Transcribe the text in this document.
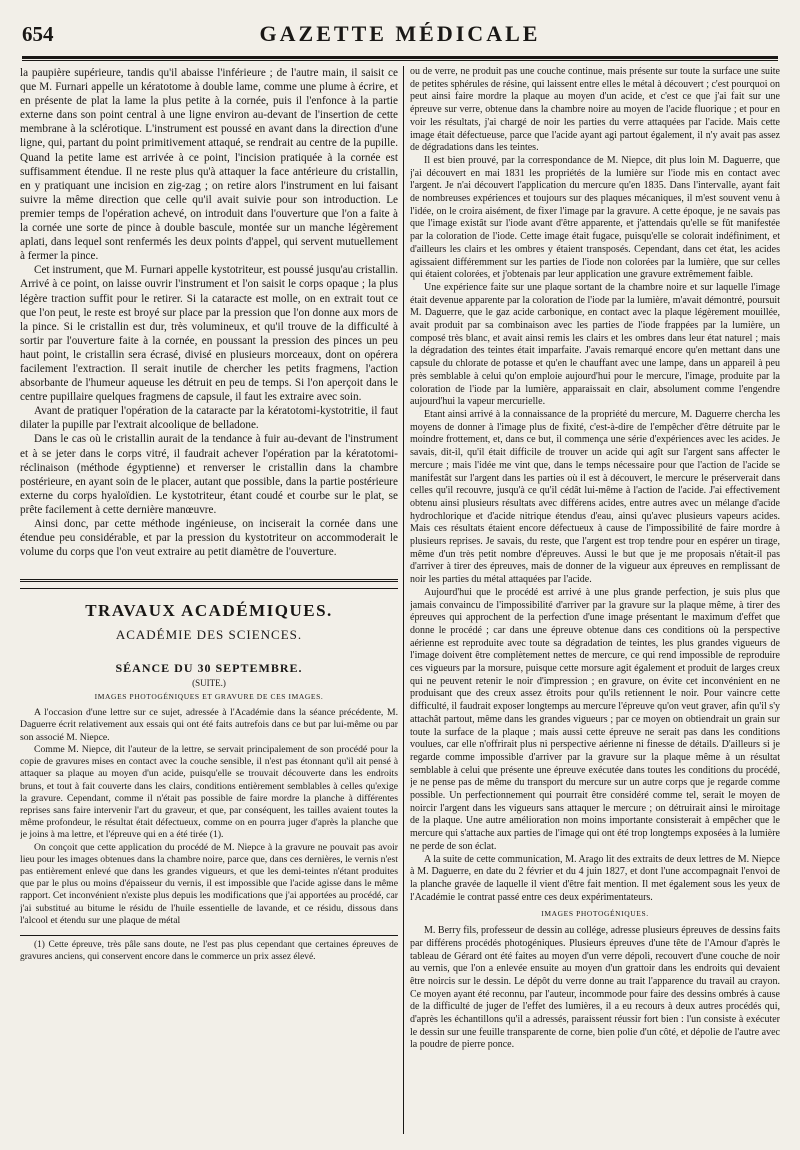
654	GAZETTE MÉDICALE

la paupière supérieure, tandis qu'il abaisse l'inférieure ; de l'autre main, il saisit ce que M. Furnari appelle un kératotome à double lame, comme une plume à écrire, et en présente de plat la lame la plus petite à la cornée, puis il l'enfonce à la partie externe dans son point central à une ligne environ au-devant de l'insertion de cette membrane à la sclérotique. L'instrument est poussé en avant dans la direction d'une ligne, qui, partant du point primitivement attaqué, se rendrait au centre de la pupille. Quand la petite lame est arrivée à ce point, l'incision pratiquée à la cornée est suffisamment étendue. Il ne reste plus qu'à attaquer la face antérieure du cristallin, en y pratiquant une incision en zig-zag ; on retire alors l'instrument en lui faisant suivre la même direction que celle qu'il avait suivie pour son introduction. Le premier temps de l'opération achevé, on introduit dans l'ouverture que l'on a faite à la cornée une sorte de pince à double bascule, montée sur un manche légèrement aplati, dans lequel sont renfermés les deux points d'appel, qui servent mutuellement à fermer la pince.

Cet instrument, que M. Furnari appelle kystotriteur, est poussé jusqu'au cristallin. Arrivé à ce point, on laisse ouvrir l'instrument et l'on saisit le corps opaque ; la plus légère traction suffit pour le retirer. Si la cataracte est molle, on en extrait tout ce que l'on peut, le reste est broyé sur place par la pression que l'on donne aux mors de la pince. Si le cristallin est dur, très volumineux, et qu'il trouve de la difficulté à sortir par l'ouverture faite à la cornée, en poussant la pression des pinces un peu haut point, le cristallin sera écrasé, divisé en plusieurs morceaux, dont on opérera facilement l'extraction. Il serait inutile de chercher les petits fragmens, l'action absorbante de l'humeur aqueuse les détruit en peu de temps. Si l'on aperçoit dans le centre pupillaire quelques fragmens de capsule, il faut les extraire avec soin.

Avant de pratiquer l'opération de la cataracte par la kératotomi-kystotritie, il faut dilater la pupille par l'extrait alcoolique de belladone.

Dans le cas où le cristallin aurait de la tendance à fuir au-devant de l'instrument et à se jeter dans le corps vitré, il faudrait achever l'opération par la kératotomi-réclinaison (méthode égyptienne) et renverser le cristallin dans la chambre postérieure, en ayant soin de le placer, autant que possible, dans la partie postérieure externe du corps hyaloïdien. Le kystotriteur, étant coudé et courbe sur le plat, se prête facilement à cette dernière manœuvre.

Ainsi donc, par cette méthode ingénieuse, on inciserait la cornée dans une étendue peu considérable, et par la pression du kystotriteur on accommoderait le volume du corps que l'on veut extraire au petit diamètre de l'ouverture.

TRAVAUX ACADÉMIQUES.
ACADÉMIE DES SCIENCES.
SÉANCE DU 30 SEPTEMBRE.
(SUITE.)
IMAGES PHOTOGÉNIQUES ET GRAVURE DE CES IMAGES.

A l'occasion d'une lettre sur ce sujet, adressée à l'Académie dans la séance précédente, M. Daguerre écrit relativement aux essais qui ont été faits autrefois dans ce but par lui-même ou par son associé M. Niepce.

Comme M. Niepce, dit l'auteur de la lettre, se servait principalement de son procédé pour la copie de gravures mises en contact avec la couche sensible, il n'est pas étonnant qu'il ait pensé à attaquer sa plaque au moyen d'un acide, puisqu'elle se trouvait découverte dans les endroits bruns, et tout à fait couverte dans les clairs, conditions entièrement semblables à celles qu'exige la gravure. Cependant, comme il n'était pas possible de faire mordre la planche à différentes reprises sans faire intervenir l'art du graveur, et que, par conséquent, les tailles avaient toutes la même profondeur, le résultat était défectueux, comme on en pourra juger d'après la planche que je joins à ma lettre, et l'épreuve qui en a été tirée (1).

On conçoit que cette application du procédé de M. Niepce à la gravure ne pouvait pas avoir lieu pour les images obtenues dans la chambre noire, parce que, dans ces dernières, le vernis n'est pas entièrement enlevé que dans les grandes vigueurs, et que les demi-teintes n'étant produites que par le plus ou moins d'épaisseur du vernis, il est impossible que l'acide agisse dans le même rapport. Cet inconvénient n'existe plus depuis les modifications que j'ai apportées au procédé, car j'ai substitué au bitume le résidu de l'huile essentielle de lavande, et ce résidu, dissous dans l'alcool et étendu sur une plaque de métal

(1) Cette épreuve, très pâle sans doute, ne l'est pas plus cependant que certaines épreuves de gravures anciens, qui conservent encore dans le commerce un prix assez élevé.

ou de verre, ne produit pas une couche continue, mais présente sur toute la surface une suite de petites sphérules de résine, qui laissent entre elles le métal à découvert ; c'est pourquoi on peut ainsi faire mordre la plaque au moyen d'un acide, et c'est ce que j'ai fait sur une épreuve sur verre, obtenue dans la chambre noire au moyen de l'acide fluorique ; et pour en voir les résultats, j'ai chargé de noir les parties du verre attaquées par l'acide. Mais cette image était défectueuse, parce que l'acide ayant agi partout également, il n'y avait pas assez de dégradations dans les teintes.

Il est bien prouvé, par la correspondance de M. Niepce, dit plus loin M. Daguerre, que j'ai découvert en mai 1831 les propriétés de la lumière sur l'iode mis en contact avec l'argent. Je n'ai découvert l'application du mercure qu'en 1835. Dans l'intervalle, ayant fait de nombreuses expériences et toujours sur des plaques mécaniques, il m'est souvent venu à l'idée, on le croira aisément, de fixer l'image par la gravure. A cette époque, je ne savais pas que l'image existât sur l'iode avant d'être apparente, et j'attendais qu'elle se fût manifestée par la coloration de l'iode. Cette image était fugace, puisqu'elle se colorait indéfiniment, et d'ailleurs les clairs et les ombres y étaient transposés. Cependant, dans cet état, les acides agissaient différemment sur les parties de l'iode non colorées par la lumière, que sur celles qui étaient colorées, et j'obtenais par leur application une gravure extrêmement faible.

Une expérience faite sur une plaque sortant de la chambre noire et sur laquelle l'image était devenue apparente par la coloration de l'iode par la lumière, m'avait démontré, poursuit M. Daguerre, que le gaz acide carbonique, en contact avec la plaque légèrement mouillée, avait produit par sa combinaison avec les parties de l'iode frappées par la lumière, un composé très blanc, et avait ainsi remis les clairs et les ombres dans leur état naturel ; mais la dégradation des teintes était imparfaite. J'avais remarqué encore qu'en mettant dans une capsule du chlorate de potasse et qu'en le chauffant avec une lampe, dans un appareil à peu près semblable à celui qu'on emploie aujourd'hui pour le mercure, l'image, produite par la coloration de l'iode par la lumière, apparaissait en clair, absolument comme l'engendre aujourd'hui la vapeur mercurielle.

Etant ainsi arrivé à la connaissance de la propriété du mercure, M. Daguerre chercha les moyens de donner à l'image plus de fixité, c'est-à-dire de l'empêcher d'être détruite par le moindre frottement, et, dans ce but, il commença une série d'expériences avec les acides. Je savais, dit-il, qu'il était difficile de trouver un acide qui agît sur l'argent sans affecter le mercure ; mais l'idée me vint que, dans le temps nécessaire pour que l'action de l'acide se manifestât sur l'argent dans les parties où il est à découvert, le mercure le préserverait dans celles qu'il recouvre, jusqu'à ce qu'il cédât lui-même à l'action de l'acide. J'ai effectivement obtenu ainsi plusieurs résultats avec différens acides, entre autres avec un mélange d'acide hydrochlorique et d'acide nitrique étendus d'eau, ainsi qu'avec plusieurs vapeurs acides. Mais ces résultats étaient encore défectueux à cause de l'impossibilité de faire mordre à plusieurs reprises. Je savais, du reste, que l'argent est trop tendre pour en espérer un tirage, même d'un très petit nombre d'épreuves. Aussi le but que je me proposais n'était-il pas d'arriver à tirer des épreuves, mais de donner de la vigueur aux épreuves en remplissant de noir les parties du métal attaquées par l'acide.

Aujourd'hui que le procédé est arrivé à une plus grande perfection, je suis plus que jamais convaincu de l'impossibilité d'arriver par la gravure sur la plaque même, à tirer des épreuves qui approchent de la perfection d'une image présentant le maximum d'effet que donne le procédé ; car dans une épreuve obtenue dans ces conditions où la perspective aérienne est reproduite avec toute sa dégradation de teintes, les plus grandes vigueurs de l'image doivent être complètement nettes de mercure, ce qui rend impossible de reproduire ces vigueurs par la morsure, puisque cette morsure agit également et produit de larges creux qui ne peuvent retenir le noir d'impression ; en gravure, on évite cet inconvénient en ne produisant que des creux assez étroits pour qu'ils retiennent le noir. Pour vaincre cette difficulté, il faudrait exposer longtemps au mercure l'épreuve qu'on veut graver, afin qu'il s'y attachât partout, même dans les grandes vigueurs ; par ce moyen on obtiendrait un grain sur toute la surface de la plaque ; mais aussi cette épreuve ne serait pas dans les conditions voulues, car elle n'offrirait plus ni perspective aérienne ni finesse de détails. D'ailleurs si je regarde comme impossible d'arriver par la gravure sur la plaque même à un résultat semblable à celui que présente une épreuve exécutée dans toutes les conditions du procédé, je ne pense pas de même du transport du mercure sur un autre corps que je regarde comme possible. Un perfectionnement qui pourrait être considéré comme tel, serait le moyen de noircir l'argent dans les vigueurs sans attaquer le mercure ; on détruirait ainsi le miroitage de la plaque. Une autre amélioration non moins importante consisterait à empêcher que le mercure qui s'attache aux parties de l'image qui ont été trop longtemps exposées à la lumière ne perde de son éclat.

A la suite de cette communication, M. Arago lit des extraits de deux lettres de M. Niepce à M. Daguerre, en date du 2 février et du 4 juin 1827, et dont l'une accompagnait l'envoi de la planche gravée de laquelle il vient d'être fait mention. Il met également sous les yeux de l'Académie le contrat passé entre ces deux expérimentateurs.

IMAGES PHOTOGÉNIQUES.

M. Berry fils, professeur de dessin au collége, adresse plusieurs épreuves de dessins faits par différens procédés photogéniques. Plusieurs épreuves d'une tête de l'Amour d'après le tableau de Gérard ont été faites au moyen d'un verre dépoli, recouvert d'une couche de noir au vernis, que l'on a enlevée ensuite au moyen d'un grattoir dans les endroits qui devaient être noircis sur le dessin. Le dépôt du verre donne au trait l'apparence du travail au crayon. Ce moyen ayant été reconnu, par l'auteur, incommode pour faire des dessins ombrés à cause de la difficulté de juger de l'effet des lumières, il a eu recours à deux autres procédés qui, d'après les échantillons qu'il a adressés, paraissent réussir fort bien : l'un consiste à exécuter le dessin sur une feuille transparente de corne, bien polie d'un côté, et dépolie de l'autre avec la poudre de pierre ponce.
